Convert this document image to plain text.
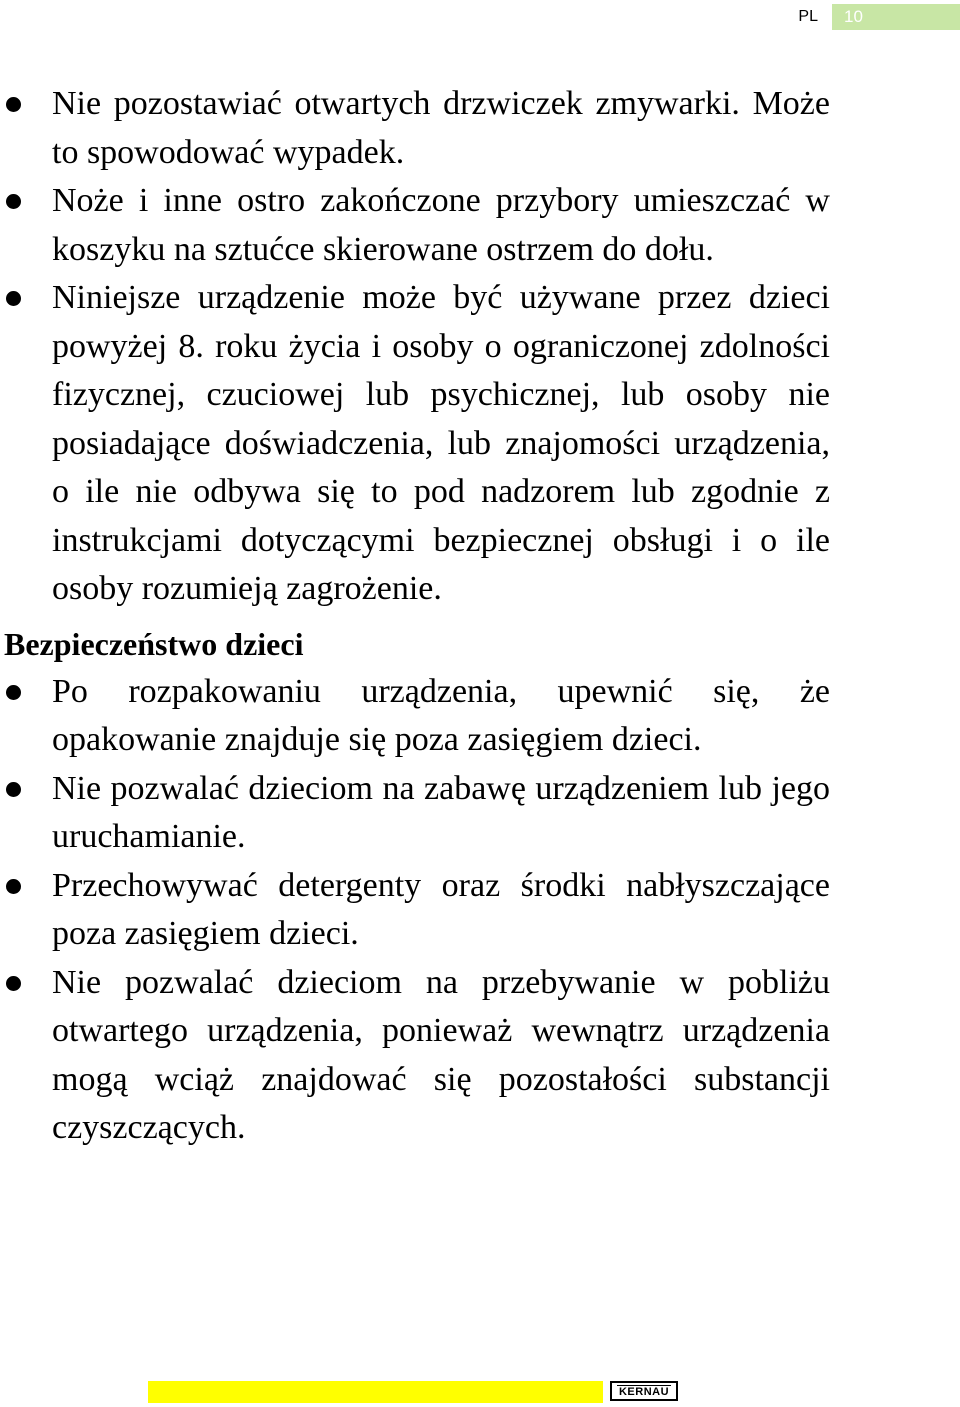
PL 10
Nie pozostawiać otwartych drzwiczek zmywarki. Może to spowodować wypadek.
Noże i inne ostro zakończone przybory umieszczać w koszyku na sztućce skierowane ostrzem do dołu.
Niniejsze urządzenie może być używane przez dzieci powyżej 8. roku życia i osoby o ograniczonej zdolności fizycznej, czuciowej lub psychicznej, lub osoby nie posiadające doświadczenia, lub znajomości urządzenia, o ile nie odbywa się to pod nadzorem lub zgodnie z instrukcjami dotyczącymi bezpiecznej obsługi i o ile osoby rozumieją zagrożenie.
Bezpieczeństwo dzieci
Po rozpakowaniu urządzenia, upewnić się, że opakowanie znajduje się poza zasięgiem dzieci.
Nie pozwalać dzieciom na zabawę urządzeniem lub jego uruchamianie.
Przechowywać detergenty oraz środki nabłyszczające poza zasięgiem dzieci.
Nie pozwalać dzieciom na przebywanie w pobliżu otwartego urządzenia, ponieważ wewnątrz urządzenia mogą wciąż znajdować się pozostałości substancji czyszczących.
KERNAU
